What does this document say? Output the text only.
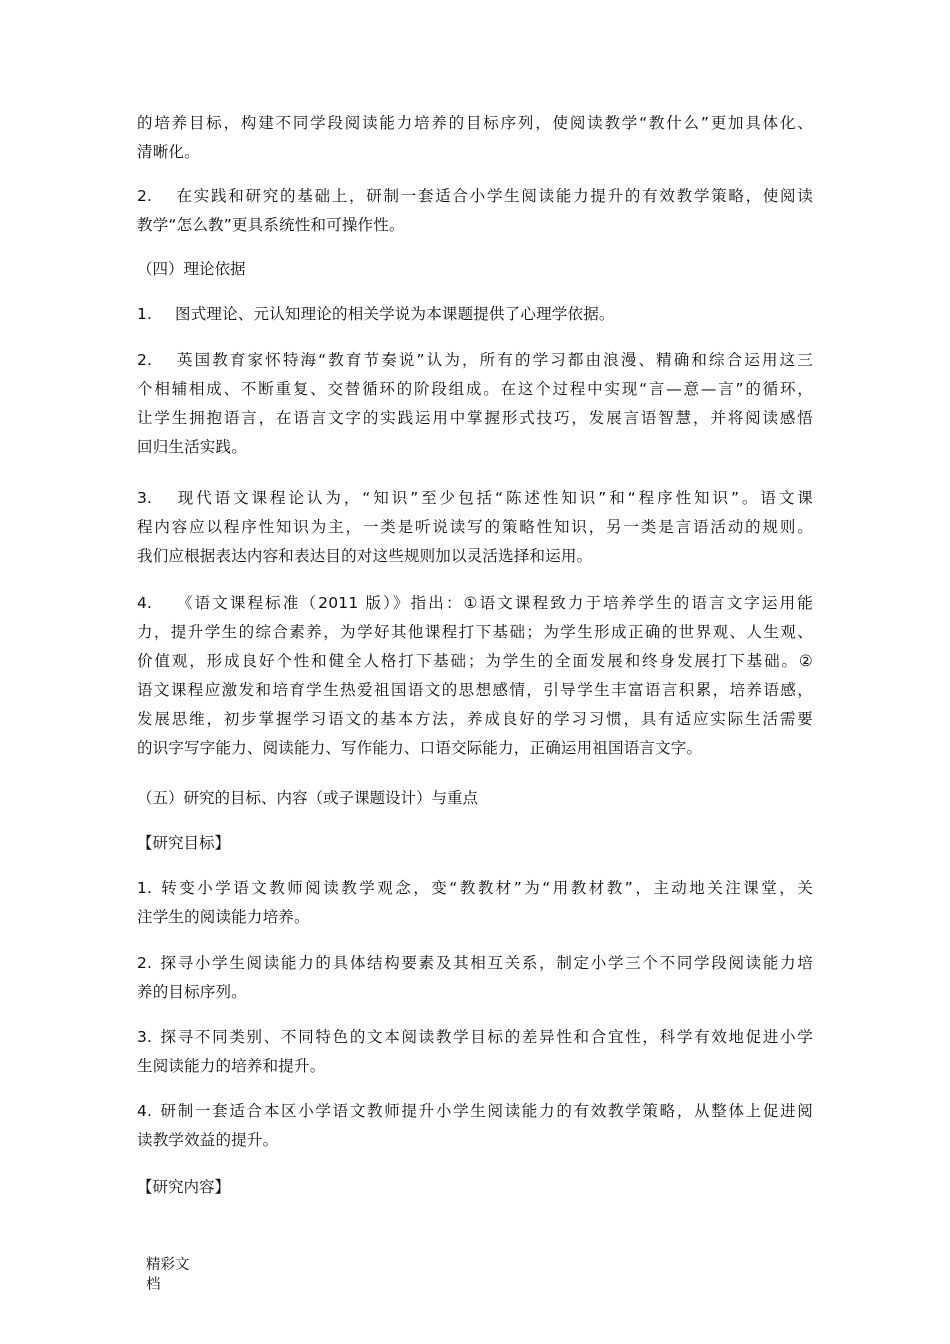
的培养目标，构建不同学段阅读能力培养的目标序列，使阅读教学“教什么”更加具体化、
清晰化。

2. 在实践和研究的基础上，研制一套适合小学生阅读能力提升的有效教学策略，使阅读
教学“怎么教”更具系统性和可操作性。

（四）理论依据

1. 图式理论、元认知理论的相关学说为本课题提供了心理学依据。

2. 英国教育家怀特海“教育节奏说”认为，所有的学习都由浪漫、精确和综合运用这三
个相辅相成、不断重复、交替循环的阶段组成。在这个过程中实现“言—意—言”的循环，
让学生拥抱语言，在语言文字的实践运用中掌握形式技巧，发展言语智慧，并将阅读感悟
回归生活实践。

3. 现代语文课程论认为，“知识”至少包括“陈述性知识”和“程序性知识”。语文课
程内容应以程序性知识为主，一类是听说读写的策略性知识，另一类是言语活动的规则。
我们应根据表达内容和表达目的对这些规则加以灵活选择和运用。

4. 《语文课程标准（2011 版）》指出：①语文课程致力于培养学生的语言文字运用能
力，提升学生的综合素养，为学好其他课程打下基础；为学生形成正确的世界观、人生观、
价值观，形成良好个性和健全人格打下基础；为学生的全面发展和终身发展打下基础。②
语文课程应激发和培育学生热爱祖国语文的思想感情，引导学生丰富语言积累，培养语感，
发展思维，初步掌握学习语文的基本方法，养成良好的学习习惯，具有适应实际生活需要
的识字写字能力、阅读能力、写作能力、口语交际能力，正确运用祖国语言文字。

（五）研究的目标、内容（或子课题设计）与重点

【研究目标】

1. 转变小学语文教师阅读教学观念，变“教教材”为“用教材教”，主动地关注课堂，关
注学生的阅读能力培养。

2. 探寻小学生阅读能力的具体结构要素及其相互关系，制定小学三个不同学段阅读能力培
养的目标序列。

3. 探寻不同类别、不同特色的文本阅读教学目标的差异性和合宜性，科学有效地促进小学
生阅读能力的培养和提升。

4. 研制一套适合本区小学语文教师提升小学生阅读能力的有效教学策略，从整体上促进阅
读教学效益的提升。

【研究内容】

精彩文
档
